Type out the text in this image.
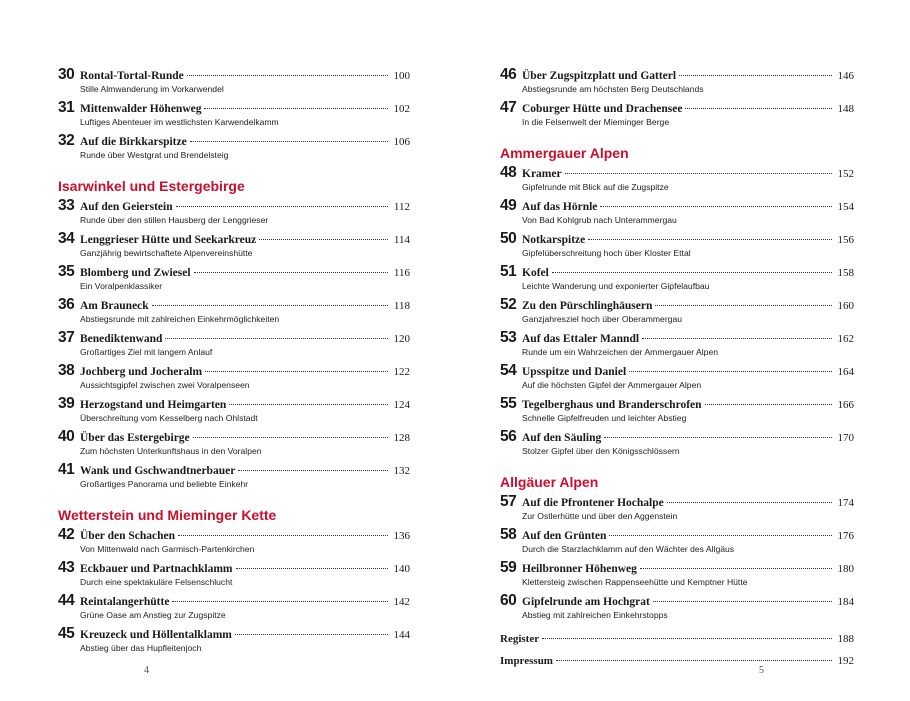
30 Rontal-Tortal-Runde	100
Stille Almwanderung im Vorkarwendel
31 Mittenwalder Höhenweg	102
Luftiges Abenteuer im westlichsten Karwendelkamm
32 Auf die Birkkarspitze	106
Runde über Westgrat und Brendelsteig
Isarwinkel und Estergebirge
33 Auf den Geierstein	112
Runde über den stillen Hausberg der Lenggrieser
34 Lenggrieser Hütte und Seekarkreuz	114
Ganzjährig bewirtschaftete Alpenvereinshütte
35 Blomberg und Zwiesel	116
Ein Voralpenklassiker
36 Am Brauneck	118
Abstiegsrunde mit zahlreichen Einkehrmöglichkeiten
37 Benediktenwand	120
Großartiges Ziel mit langem Anlauf
38 Jochberg und Jocheralm	122
Aussichtsgipfel zwischen zwei Voralpenseen
39 Herzogstand und Heimgarten	124
Überschreitung vom Kesselberg nach Ohlstadt
40 Über das Estergebirge	128
Zum höchsten Unterkunftshaus in den Voralpen
41 Wank und Gschwandtnerbauer	132
Großartiges Panorama und beliebte Einkehr
Wetterstein und Mieminger Kette
42 Über den Schachen	136
Von Mittenwald nach Garmisch-Partenkirchen
43 Eckbauer und Partnachklamm	140
Durch eine spektakuläre Felsenschlucht
44 Reintalangerhütte	142
Grüne Oase am Anstieg zur Zugspitze
45 Kreuzeck und Höllentalklamm	144
Abstieg über das Hupfleitenjoch
46 Über Zugspitzplatt und Gatterl	146
Abstiegsrunde am höchsten Berg Deutschlands
47 Coburger Hütte und Drachensee	148
In die Felsenwelt der Mieminger Berge
Ammergauer Alpen
48 Kramer	152
Gipfelrunde mit Blick auf die Zugspitze
49 Auf das Hörnle	154
Von Bad Kohlgrub nach Unterammergau
50 Notkarspitze	156
Gipfelüberschreitung hoch über Kloster Ettal
51 Kofel	158
Leichte Wanderung und exponierter Gipfelaufbau
52 Zu den Pürschlinghäusern	160
Ganzjahresziel hoch über Oberammergau
53 Auf das Ettaler Manndl	162
Runde um ein Wahrzeichen der Ammergauer Alpen
54 Upsspitze und Daniel	164
Auf die höchsten Gipfel der Ammergauer Alpen
55 Tegelberghaus und Branderschrofen	166
Schnelle Gipfelfreuden und leichter Abstieg
56 Auf den Säuling	170
Stolzer Gipfel über den Königsschlössern
Allgäuer Alpen
57 Auf die Pfrontener Hochalpe	174
Zur Ostlerhütte und über den Aggenstein
58 Auf den Grünten	176
Durch die Starzlachklamm auf den Wächter des Allgäus
59 Heilbronner Höhenweg	180
Klettersteig zwischen Rappenseehütte und Kemptner Hütte
60 Gipfelrunde am Hochgrat	184
Abstieg mit zahlreichen Einkehrstopps
Register	188
Impressum	192
4	5
